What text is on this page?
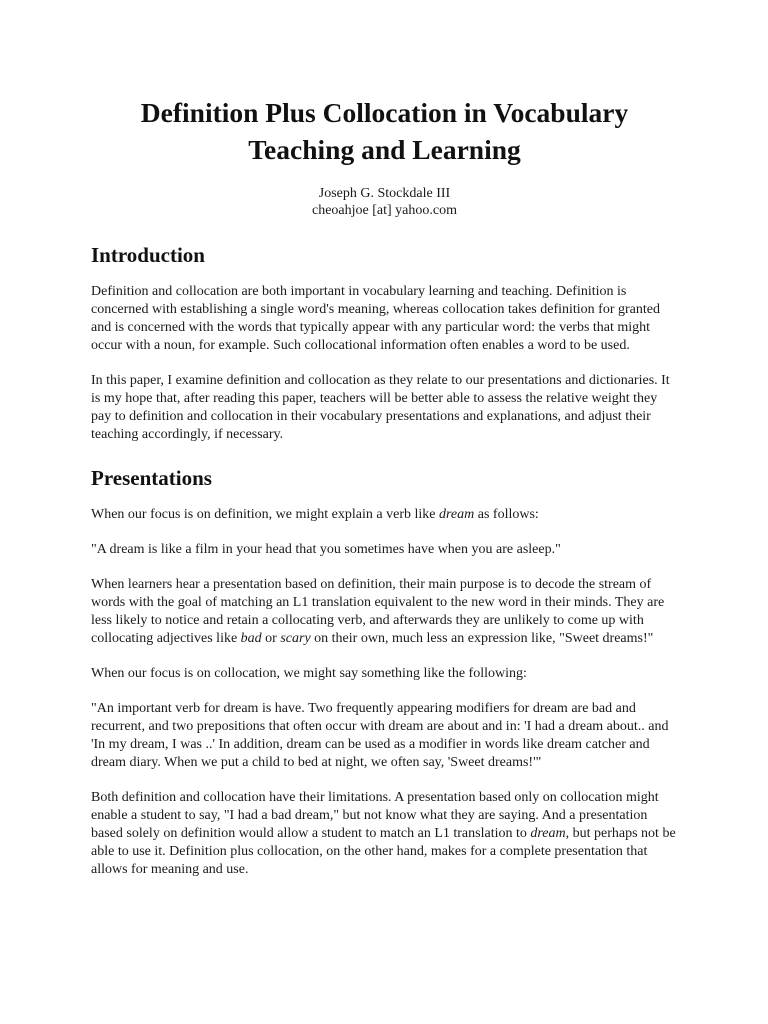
Definition Plus Collocation in Vocabulary
Teaching and Learning
Joseph G. Stockdale III
cheoahjoe [at] yahoo.com
Introduction

Definition and collocation are both important in vocabulary learning and teaching. Definition is concerned with establishing a single word's meaning, whereas collocation takes definition for granted and is concerned with the words that typically appear with any particular word: the verbs that might occur with a noun, for example. Such collocational information often enables a word to be used.

In this paper, I examine definition and collocation as they relate to our presentations and dictionaries. It is my hope that, after reading this paper, teachers will be better able to assess the relative weight they pay to definition and collocation in their vocabulary presentations and explanations, and adjust their teaching accordingly, if necessary.

Presentations

When our focus is on definition, we might explain a verb like dream as follows:

"A dream is like a film in your head that you sometimes have when you are asleep."

When learners hear a presentation based on definition, their main purpose is to decode the stream of words with the goal of matching an L1 translation equivalent to the new word in their minds. They are less likely to notice and retain a collocating verb, and afterwards they are unlikely to come up with collocating adjectives like bad or scary on their own, much less an expression like, "Sweet dreams!"

When our focus is on collocation, we might say something like the following:

"An important verb for dream is have. Two frequently appearing modifiers for dream are bad and recurrent, and two prepositions that often occur with dream are about and in: 'I had a dream about.. and 'In my dream, I was ..' In addition, dream can be used as a modifier in words like dream catcher and dream diary. When we put a child to bed at night, we often say, 'Sweet dreams!'"

Both definition and collocation have their limitations. A presentation based only on collocation might enable a student to say, "I had a bad dream," but not know what they are saying. And a presentation based solely on definition would allow a student to match an L1 translation to dream, but perhaps not be able to use it. Definition plus collocation, on the other hand, makes for a complete presentation that allows for meaning and use.
